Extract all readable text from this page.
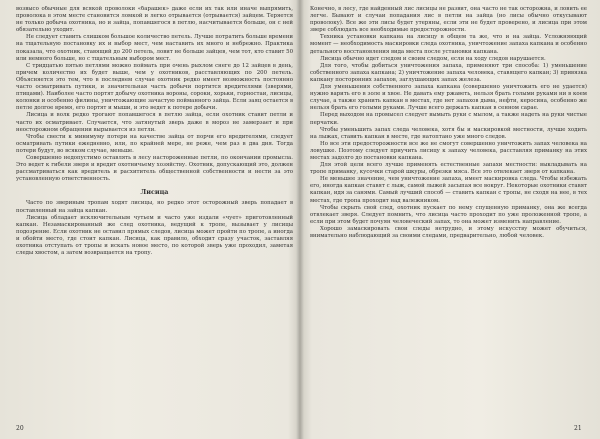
возвысо обычные для всякой проволоки «барашек» даже если их так или иначе выпрямить, проволока в этом месте становится ломкой и легко отрывается (отрывается) зайцем. Теряется не только добыча охотника, но и зайца, попавшегося в петлю, насчитывается больше, он с ней обязательно уходит.

Не следует ставить слишком большое количество петель. Лучше потратить больше времени на тщательную постановку их и выбор мест, чем наставить их много и небрежно. Практика показала, что охотник, ставящий до 200 петель, ловит не больше зайцев, чем тот, кто ставит 50 или немного больше, но с тщательным выбором мест.

С тридцатью пятью петлями можно поймать при очень рыхлом снеге до 12 зайцев в день, причем количество их будет выше, чем у охотников, расставляющих по 200 петель. Объясняется это тем, что в последнем случае охотник редко имеет возможность постоянно часто осматривать путики, и значительная часть добычи портится вредителями (зверями, птицами). Наиболее часто портят добычу охотника вороны, сороки, хорьки, горностаи, лисицы, колонки и особенно филины, уничтожающие зачастую пойманного зайца. Если заяц остается в петле долгое время, его портят и мыши, и это ведет к потере добычи.

Лисица и волк редко трогают попавшегося в петлю зайца, если охотник ставит петли и часто их осматривает. Случается, что затянутый зверь даже в мороз не замерзает и при неосторожном обращении вырывается из петли.

Чтобы свести к минимуму потери на качестве зайца от порчи его вредителями, следует осматривать путики ежедневно, или, по крайней мере, не реже, чем раз в два дня. Тогда потери будут, во всяком случае, меньше.

Совершенно недопустимо оставлять в лесу настороженные петли, по окончании промысла. Это ведет к гибели зверя и вредит охотничьему хозяйству. Охотник, допускающий это, должен рассматриваться как вредитель и расхититель общественной собственности и нести за это установленную ответственность.

Лисица

Часто по звериным тропам ходят лисицы, но редко этот осторожный зверь попадает в поставленный на зайца капкан.

Лисица обладает исключительным чутьем и часто уже издали «чует» приготовленный капкан. Незамаскированный же след охотника, ведущий к тропе, вызывает у лисицы подозрение. Если охотник не оставил прямых следов, лисица может пройти по тропе, а иногда и обойти место, где стоит капкан. Лисица, как правило, обходит сразу участок, заставляя охотника отступать от тропы и искать новое место, по которой зверь уже проходил, заметая следы хвостом, а затем возвращается на тропу.

Конечно, в лесу, где найденный лис лисицы не развит, она часто не так осторожна, и ловить ее легче. Бывают и случаи попадания лис в петли на зайца (но лисы обычно откусывают проволоку). Все же эти лисы будет утеряны, если эти не будет проверено, и лисица при этом звере соблюдать все необходимые предосторожности.

Техника установки капкана на лисицу в общем та же, что и на зайца. Усложняющий момент — необходимость маскировки следа охотника, уничтожение запаха капкана и особенно детального восстановления вида места после установки капкана.

Лисица обычно идет следом и своим следом, если на ходу следов нарушается.

Для того, чтобы добиться уничтожения запаха, применяют три способа: 1) уменьшение собственного запаха капкана; 2) уничтожение запаха человека, ставящего капкан; 3) привязка капкану посторонних запахов, заглушающих запах железа.

Для уменьшения собственного запаха капкана (совершенно уничтожить его не удается) нужно варить его в золе и хвое. Не давать ему ржаветь, нельзя брать голыми руками ни в коем случае, а также хранить капкан в местах, где нет запахов дыма, нефти, керосина, особенно же нельзя брать его голыми руками. Лучше всего держать капкан в сенном сарае.

Перед выходом на промысел следует вымыть руки с мылом, а также надеть на руки чистые перчатки.

Чтобы уменьшить запах следа человека, хотя бы и маскировкой местности, лучше ходить на лыжах, ставить капкан в месте, где натоптано уже много следов.

Но все эти предосторожности все же не смогут совершенно уничтожить запах человека на ловушке. Поэтому следует приучить лисицу к запаху человека, расставляя приманку на этих местах задолго до постановки капкана.

Для этой цели всего лучше применять естественные запахи местности: выкладывать на тропе приманку, кусочки старой шкуры, обрезки мяса. Все это отвлекает зверя от капкана.

Не меньшее значение, чем уничтожение запаха, имеет маскировка следа. Чтобы избежать его, иногда капкан ставят с лыж, самой лыжей засыпая все вокруг. Некоторые охотники ставят капкан, идя за санями. Самый лучший способ — ставить капкан с тропы, не сходя на нее, в тех местах, где тропа проходит над валежником.

Чтобы скрыть свой след, охотник пускает по нему спущенную приманку, она же всегда отвлекает зверя. Следует помнить, что лисица часто проходит по уже проложенной тропе, а если при этом будет почуян человеческий запах, то она может изменить направление.

Хорошо замаскировать свои следы нетрудно, и этому искусству может обучиться, внимательно наблюдающий за своими следами, предварительно, любой человек.

20	21
